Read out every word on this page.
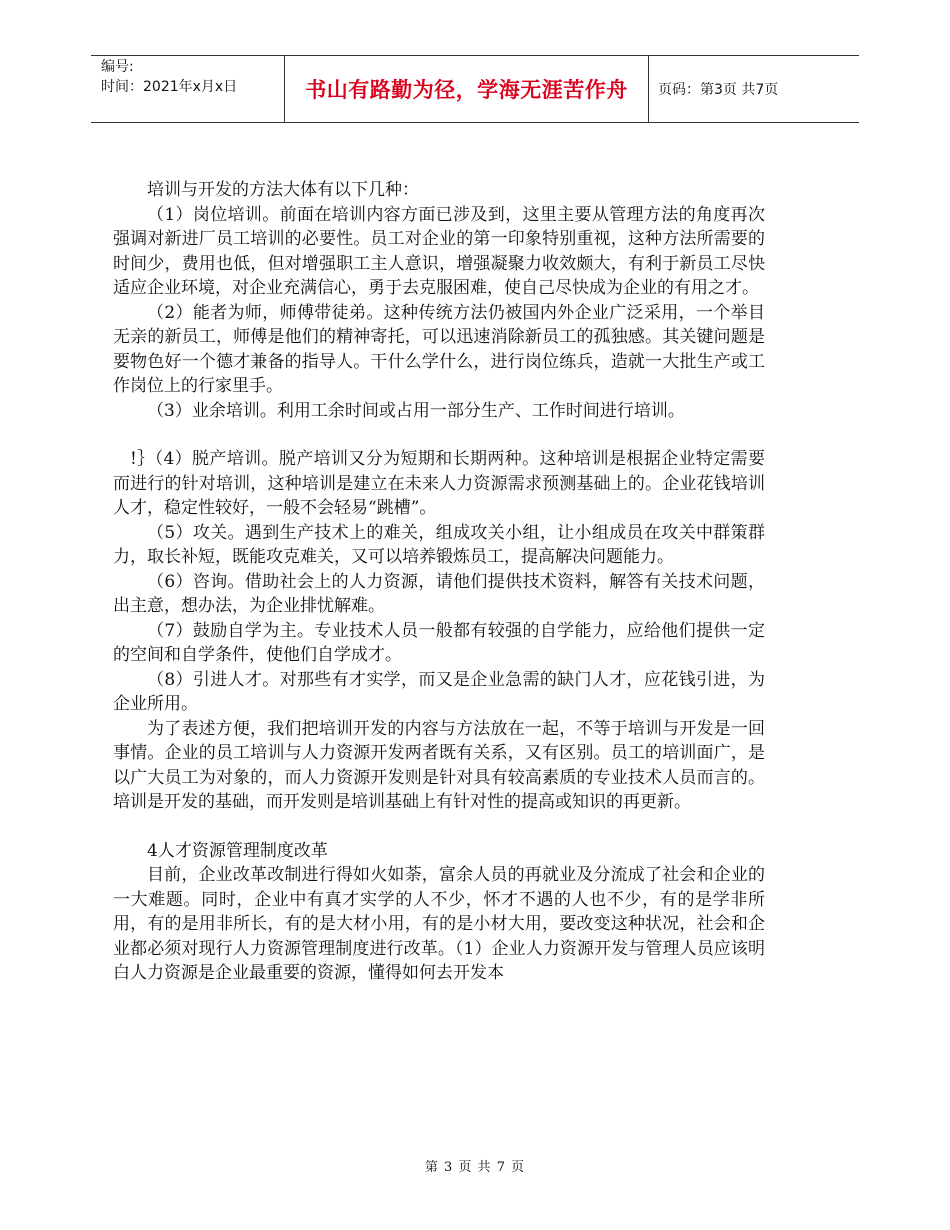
编号:
时间：2021年x月x日	书山有路勤为径，学海无涯苦作舟 页码：第3页 共7页

培训与开发的方法大体有以下几种：

（1）岗位培训。前面在培训内容方面已涉及到，这里主要从管理方法的角度再次强调对新进厂员工培训的必要性。员工对企业的第一印象特别重视，这种方法所需要的时间少，费用也低，但对增强职工主人意识，增强凝聚力收效颇大，有利于新员工尽快适应企业环境，对企业充满信心，勇于去克服困难，使自己尽快成为企业的有用之才。

（2）能者为师，师傅带徒弟。这种传统方法仍被国内外企业广泛采用，一个举目无亲的新员工，师傅是他们的精神寄托，可以迅速消除新员工的孤独感。其关键问题是要物色好一个德才兼备的指导人。干什么学什么，进行岗位练兵，造就一大批生产或工作岗位上的行家里手。

（3）业余培训。利用工余时间或占用一部分生产、工作时间进行培训。

!｝（4）脱产培训。脱产培训又分为短期和长期两种。这种培训是根据企业特定需要而进行的针对培训，这种培训是建立在未来人力资源需求预测基础上的。企业花钱培训人才，稳定性较好，一般不会轻易“跳槽”。

（5）攻关。遇到生产技术上的难关，组成攻关小组，让小组成员在攻关中群策群力，取长补短，既能攻克难关，又可以培养锻炼员工，提高解决问题能力。

（6）咨询。借助社会上的人力资源，请他们提供技术资料，解答有关技术问题，出主意，想办法，为企业排忧解难。

（7）鼓励自学为主。专业技术人员一般都有较强的自学能力，应给他们提供一定的空间和自学条件，使他们自学成才。

（8）引进人才。对那些有才实学，而又是企业急需的缺门人才，应花钱引进，为企业所用。

为了表述方便，我们把培训开发的内容与方法放在一起，不等于培训与开发是一回事情。企业的员工培训与人力资源开发两者既有关系，又有区别。员工的培训面广，是以广大员工为对象的，而人力资源开发则是针对具有较高素质的专业技术人员而言的。培训是开发的基础，而开发则是培训基础上有针对性的提高或知识的再更新。

4人才资源管理制度改革

目前，企业改革改制进行得如火如荼，富余人员的再就业及分流成了社会和企业的一大难题。同时，企业中有真才实学的人不少，怀才不遇的人也不少，有的是学非所用，有的是用非所长，有的是大材小用，有的是小材大用，要改变这种状况，社会和企业都必须对现行人力资源管理制度进行改革。（1）企业人力资源开发与管理人员应该明白人力资源是企业最重要的资源，懂得如何去开发本

第 3 页 共 7 页
